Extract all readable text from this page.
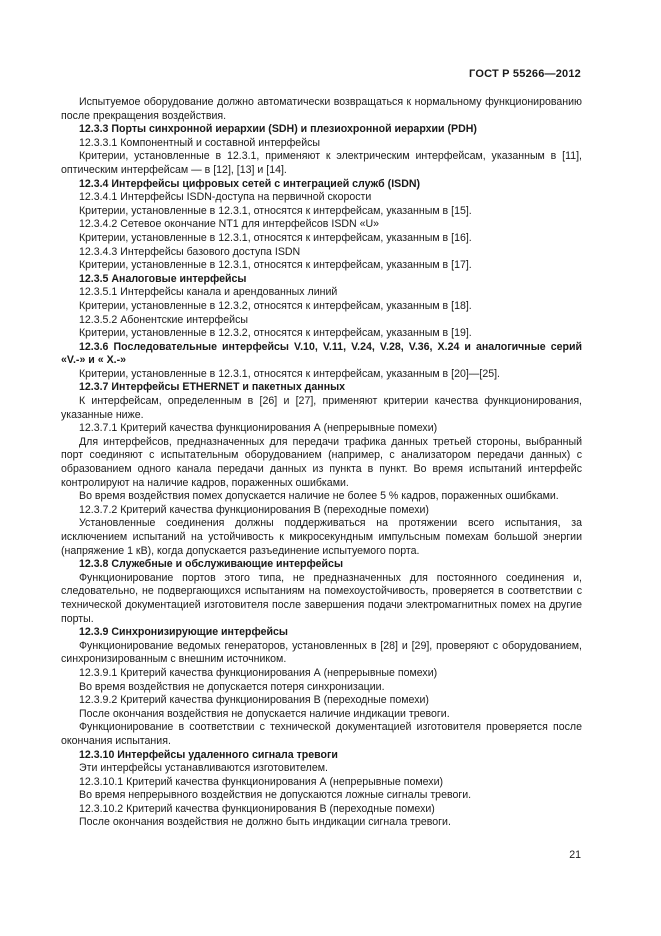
ГОСТ Р 55266—2012

Испытуемое оборудование должно автоматически возвращаться к нормальному функционированию после прекращения воздействия.

12.3.3 Порты синхронной иерархии (SDH) и плезиохронной иерархии (PDH)

12.3.3.1 Компонентный и составной интерфейсы

Критерии, установленные в 12.3.1, применяют к электрическим интерфейсам, указанным в [11], оптическим интерфейсам — в [12], [13] и [14].

12.3.4 Интерфейсы цифровых сетей с интеграцией служб (ISDN)

12.3.4.1 Интерфейсы ISDN-доступа на первичной скорости

Критерии, установленные в 12.3.1, относятся к интерфейсам, указанным в [15].

12.3.4.2 Сетевое окончание NT1 для интерфейсов ISDN «U»

Критерии, установленные в 12.3.1, относятся к интерфейсам, указанным в [16].

12.3.4.3 Интерфейсы базового доступа ISDN

Критерии, установленные в 12.3.1, относятся к интерфейсам, указанным в [17].

12.3.5 Аналоговые интерфейсы

12.3.5.1 Интерфейсы канала и арендованных линий

Критерии, установленные в 12.3.2, относятся к интерфейсам, указанным в [18].

12.3.5.2 Абонентские интерфейсы

Критерии, установленные в 12.3.2, относятся к интерфейсам, указанным в [19].

12.3.6 Последовательные интерфейсы V.10, V.11, V.24, V.28, V.36, X.24 и аналогичные серий «V.-» и « X.-»

Критерии, установленные в 12.3.1, относятся к интерфейсам, указанным в [20]—[25].

12.3.7 Интерфейсы ETHERNET и пакетных данных

К интерфейсам, определенным в [26] и [27], применяют критерии качества функционирования, указанные ниже.

12.3.7.1 Критерий качества функционирования А (непрерывные помехи)

Для интерфейсов, предназначенных для передачи трафика данных третьей стороны, выбранный порт соединяют с испытательным оборудованием (например, с анализатором передачи данных) с образованием одного канала передачи данных из пункта в пункт. Во время испытаний интерфейс контролируют на наличие кадров, пораженных ошибками.

Во время воздействия помех допускается наличие не более 5 % кадров, пораженных ошибками.

12.3.7.2 Критерий качества функционирования В (переходные помехи)

Установленные соединения должны поддерживаться на протяжении всего испытания, за исключением испытаний на устойчивость к микросекундным импульсным помехам большой энергии (напряжение 1 кВ), когда допускается разъединение испытуемого порта.

12.3.8 Служебные и обслуживающие интерфейсы

Функционирование портов этого типа, не предназначенных для постоянного соединения и, следовательно, не подвергающихся испытаниям на помехоустойчивость, проверяется в соответствии с технической документацией изготовителя после завершения подачи электромагнитных помех на другие порты.

12.3.9 Синхронизирующие интерфейсы

Функционирование ведомых генераторов, установленных в [28] и [29], проверяют с оборудованием, синхронизированным с внешним источником.

12.3.9.1 Критерий качества функционирования А (непрерывные помехи)

Во время воздействия не допускается потеря синхронизации.

12.3.9.2 Критерий качества функционирования В (переходные помехи)

После окончания воздействия не допускается наличие индикации тревоги.

Функционирование в соответствии с технической документацией изготовителя проверяется после окончания испытания.

12.3.10 Интерфейсы удаленного сигнала тревоги

Эти интерфейсы устанавливаются изготовителем.

12.3.10.1 Критерий качества функционирования А (непрерывные помехи)

Во время непрерывного воздействия не допускаются ложные сигналы тревоги.

12.3.10.2 Критерий качества функционирования В (переходные помехи)

После окончания воздействия не должно быть индикации сигнала тревоги.

21
